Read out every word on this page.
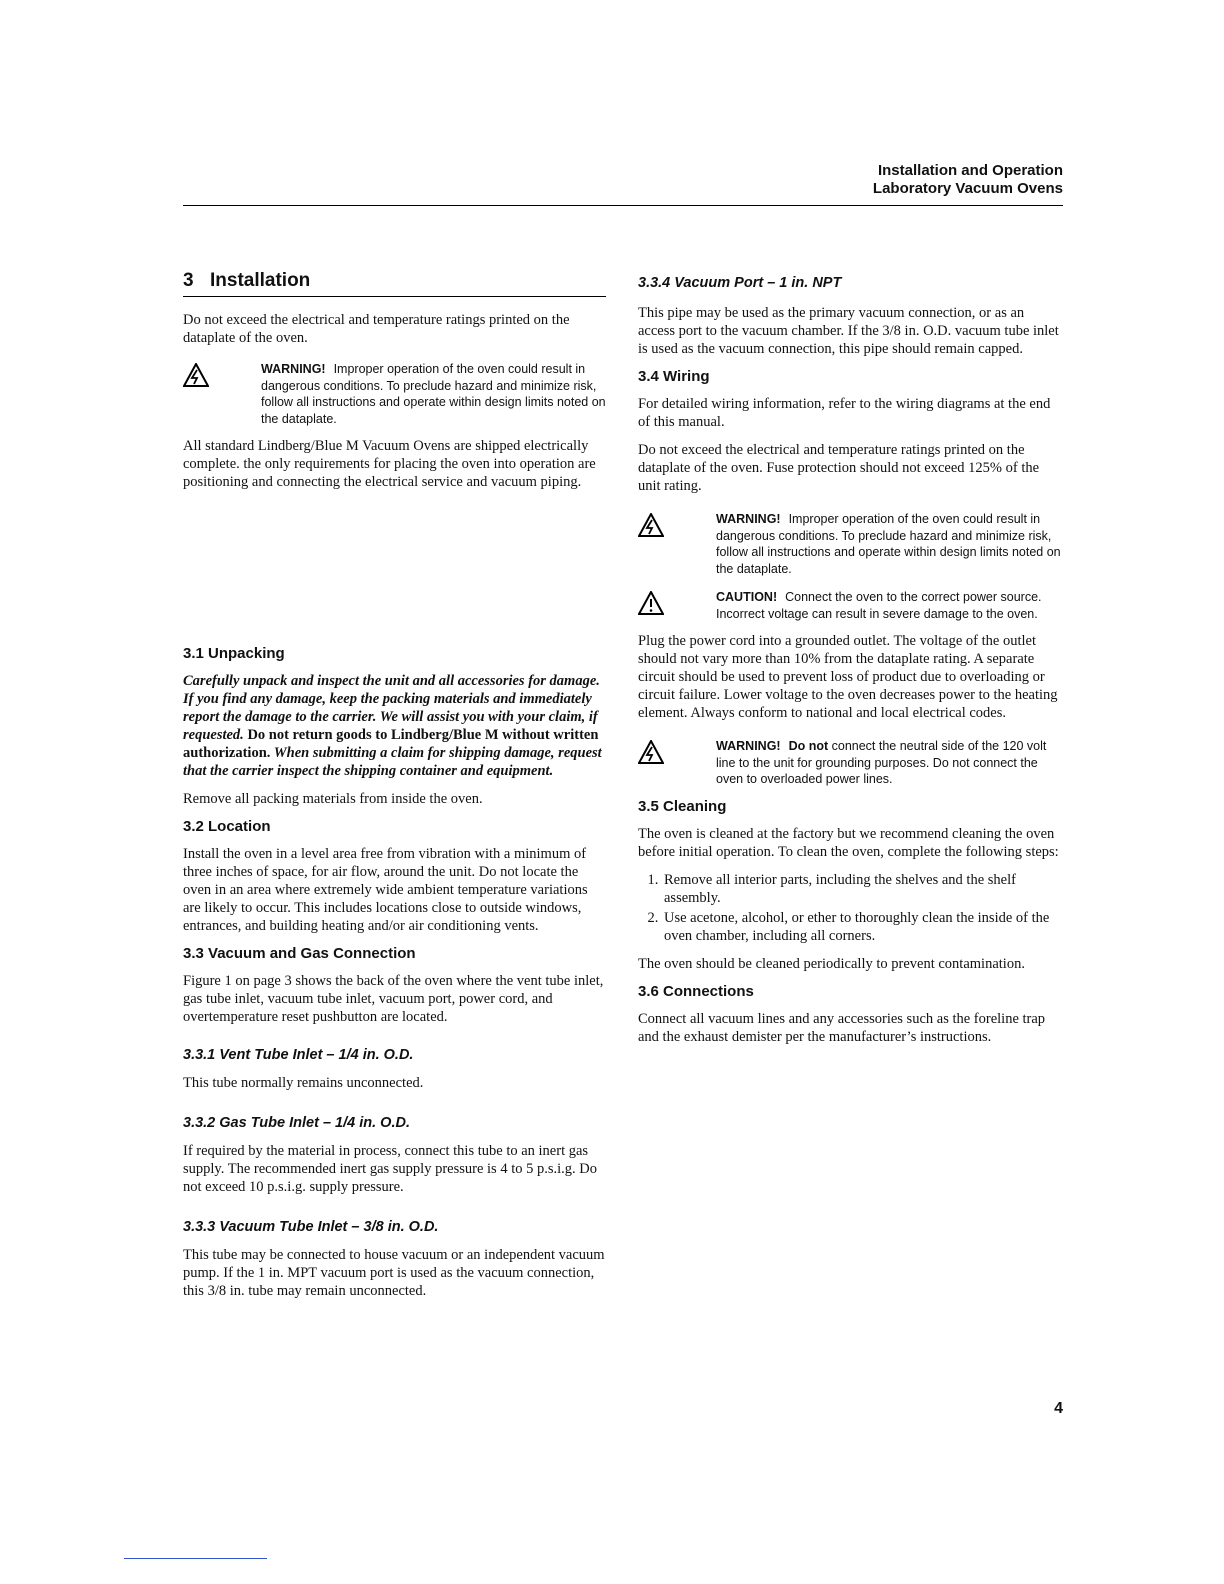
Installation and Operation
Laboratory Vacuum Ovens
3 Installation

Do not exceed the electrical and temperature ratings printed on the dataplate of the oven.

WARNING! Improper operation of the oven could result in dangerous conditions. To preclude hazard and minimize risk, follow all instructions and operate within design limits noted on the dataplate.

All standard Lindberg/Blue M Vacuum Ovens are shipped electrically complete. the only requirements for placing the oven into operation are positioning and connecting the electrical service and vacuum piping.

3.1 Unpacking

Carefully unpack and inspect the unit and all accessories for damage. If you find any damage, keep the packing materials and immediately report the damage to the carrier. We will assist you with your claim, if requested. Do not return goods to Lindberg/Blue M without written authorization. When submitting a claim for shipping damage, request that the carrier inspect the shipping container and equipment.

Remove all packing materials from inside the oven.

3.2 Location

Install the oven in a level area free from vibration with a minimum of three inches of space, for air flow, around the unit. Do not locate the oven in an area where extremely wide ambient temperature variations are likely to occur. This includes locations close to outside windows, entrances, and building heating and/or air conditioning vents.

3.3 Vacuum and Gas Connection

Figure 1 on page 3 shows the back of the oven where the vent tube inlet, gas tube inlet, vacuum tube inlet, vacuum port, power cord, and overtemperature reset pushbutton are located.

3.3.1 Vent Tube Inlet – 1/4 in. O.D.

This tube normally remains unconnected.

3.3.2 Gas Tube Inlet – 1/4 in. O.D.

If required by the material in process, connect this tube to an inert gas supply. The recommended inert gas supply pressure is 4 to 5 p.s.i.g. Do not exceed 10 p.s.i.g. supply pressure.

3.3.3 Vacuum Tube Inlet – 3/8 in. O.D.

This tube may be connected to house vacuum or an independent vacuum pump. If the 1 in. MPT vacuum port is used as the vacuum connection, this 3/8 in. tube may remain unconnected.

3.3.4 Vacuum Port – 1 in. NPT

This pipe may be used as the primary vacuum connection, or as an access port to the vacuum chamber. If the 3/8 in. O.D. vacuum tube inlet is used as the vacuum connection, this pipe should remain capped.

3.4 Wiring

For detailed wiring information, refer to the wiring diagrams at the end of this manual.

Do not exceed the electrical and temperature ratings printed on the dataplate of the oven. Fuse protection should not exceed 125% of the unit rating.

WARNING! Improper operation of the oven could result in dangerous conditions. To preclude hazard and minimize risk, follow all instructions and operate within design limits noted on the dataplate.
CAUTION! Connect the oven to the correct power source. Incorrect voltage can result in severe damage to the oven.

Plug the power cord into a grounded outlet. The voltage of the outlet should not vary more than 10% from the dataplate rating. A separate circuit should be used to prevent loss of product due to overloading or circuit failure. Lower voltage to the oven decreases power to the heating element. Always conform to national and local electrical codes.

WARNING! Do not connect the neutral side of the 120 volt line to the unit for grounding purposes. Do not connect the oven to overloaded power lines.
3.5 Cleaning

The oven is cleaned at the factory but we recommend cleaning the oven before initial operation. To clean the oven, complete the following steps:

1. Remove all interior parts, including the shelves and the shelf assembly.
2. Use acetone, alcohol, or ether to thoroughly clean the inside of the oven chamber, including all corners.

The oven should be cleaned periodically to prevent contamination.

3.6 Connections

Connect all vacuum lines and any accessories such as the foreline trap and the exhaust demister per the manufacturer’s instructions.

4
